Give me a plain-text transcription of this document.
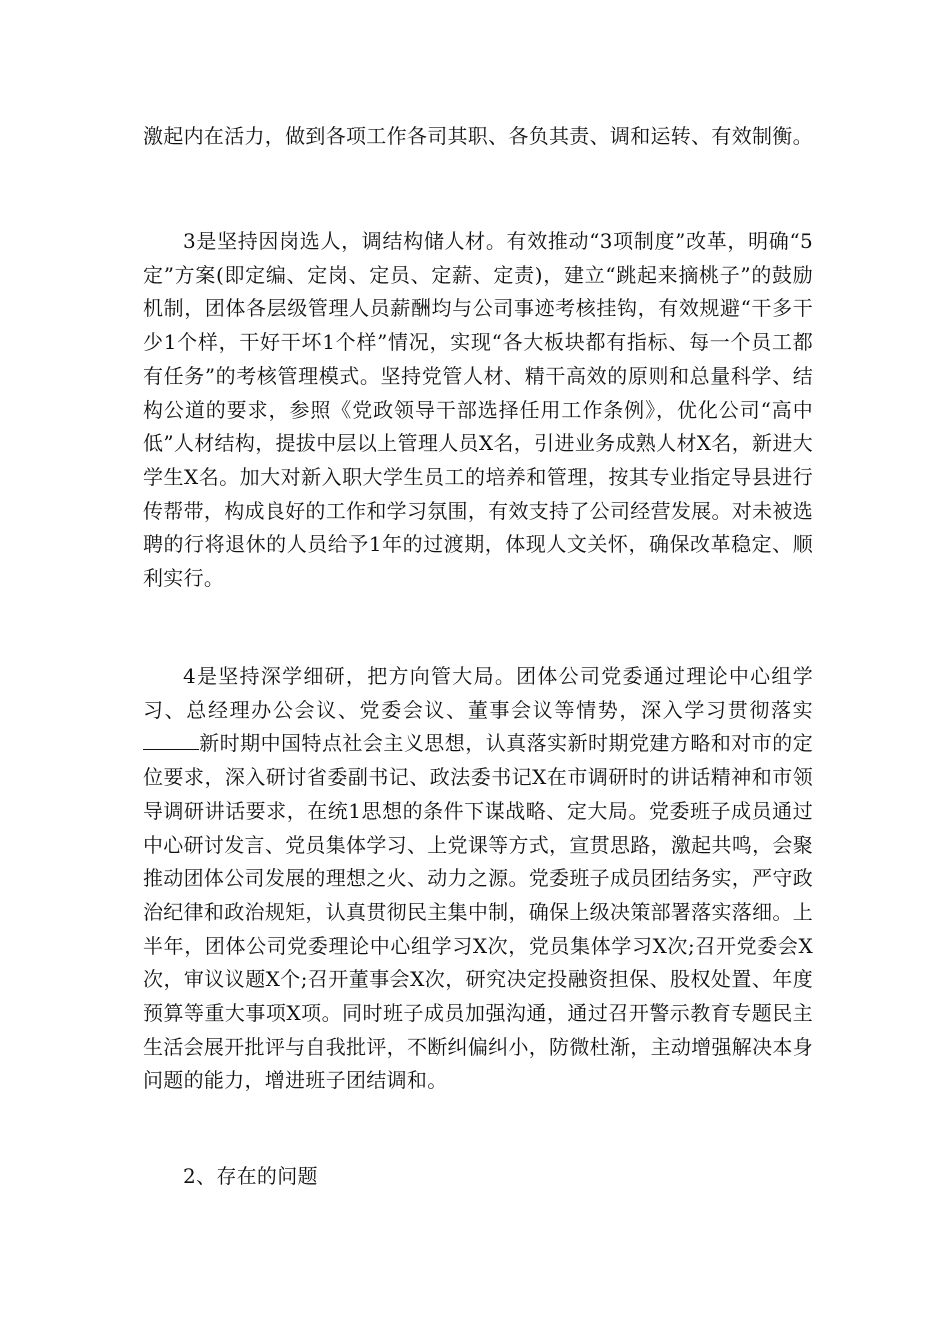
激起内在活力，做到各项工作各司其职、各负其责、调和运转、有效制衡。

3是坚持因岗选人，调结构储人材。有效推动“3项制度”改革，明确“5定”方案(即定编、定岗、定员、定薪、定责)，建立“跳起来摘桃子”的鼓励机制，团体各层级管理人员薪酬均与公司事迹考核挂钩，有效规避“干多干少1个样，干好干坏1个样”情况，实现“各大板块都有指标、每一个员工都有任务”的考核管理模式。坚持党管人材、精干高效的原则和总量科学、结构公道的要求，参照《党政领导干部选择任用工作条例》，优化公司“高中低”人材结构，提拔中层以上管理人员X名，引进业务成熟人材X名，新进大学生X名。加大对新入职大学生员工的培养和管理，按其专业指定导县进行传帮带，构成良好的工作和学习氛围，有效支持了公司经营发展。对未被选聘的行将退休的人员给予1年的过渡期，体现人文关怀，确保改革稳定、顺利实行。

4是坚持深学细研，把方向管大局。团体公司党委通过理论中心组学习、总经理办公会议、党委会议、董事会议等情势，深入学习贯彻落实新时期中国特点社会主义思想，认真落实新时期党建方略和对市的定位要求，深入研讨省委副书记、政法委书记X在市调研时的讲话精神和市领导调研讲话要求，在统1思想的条件下谋战略、定大局。党委班子成员通过中心研讨发言、党员集体学习、上党课等方式，宣贯思路，激起共鸣，会聚推动团体公司发展的理想之火、动力之源。党委班子成员团结务实，严守政治纪律和政治规矩，认真贯彻民主集中制，确保上级决策部署落实落细。上半年，团体公司党委理论中心组学习X次，党员集体学习X次;召开党委会X次，审议议题X个;召开董事会X次，研究决定投融资担保、股权处置、年度预算等重大事项X项。同时班子成员加强沟通，通过召开警示教育专题民主生活会展开批评与自我批评，不断纠偏纠小，防微杜渐，主动增强解决本身问题的能力，增进班子团结调和。

2、存在的问题
